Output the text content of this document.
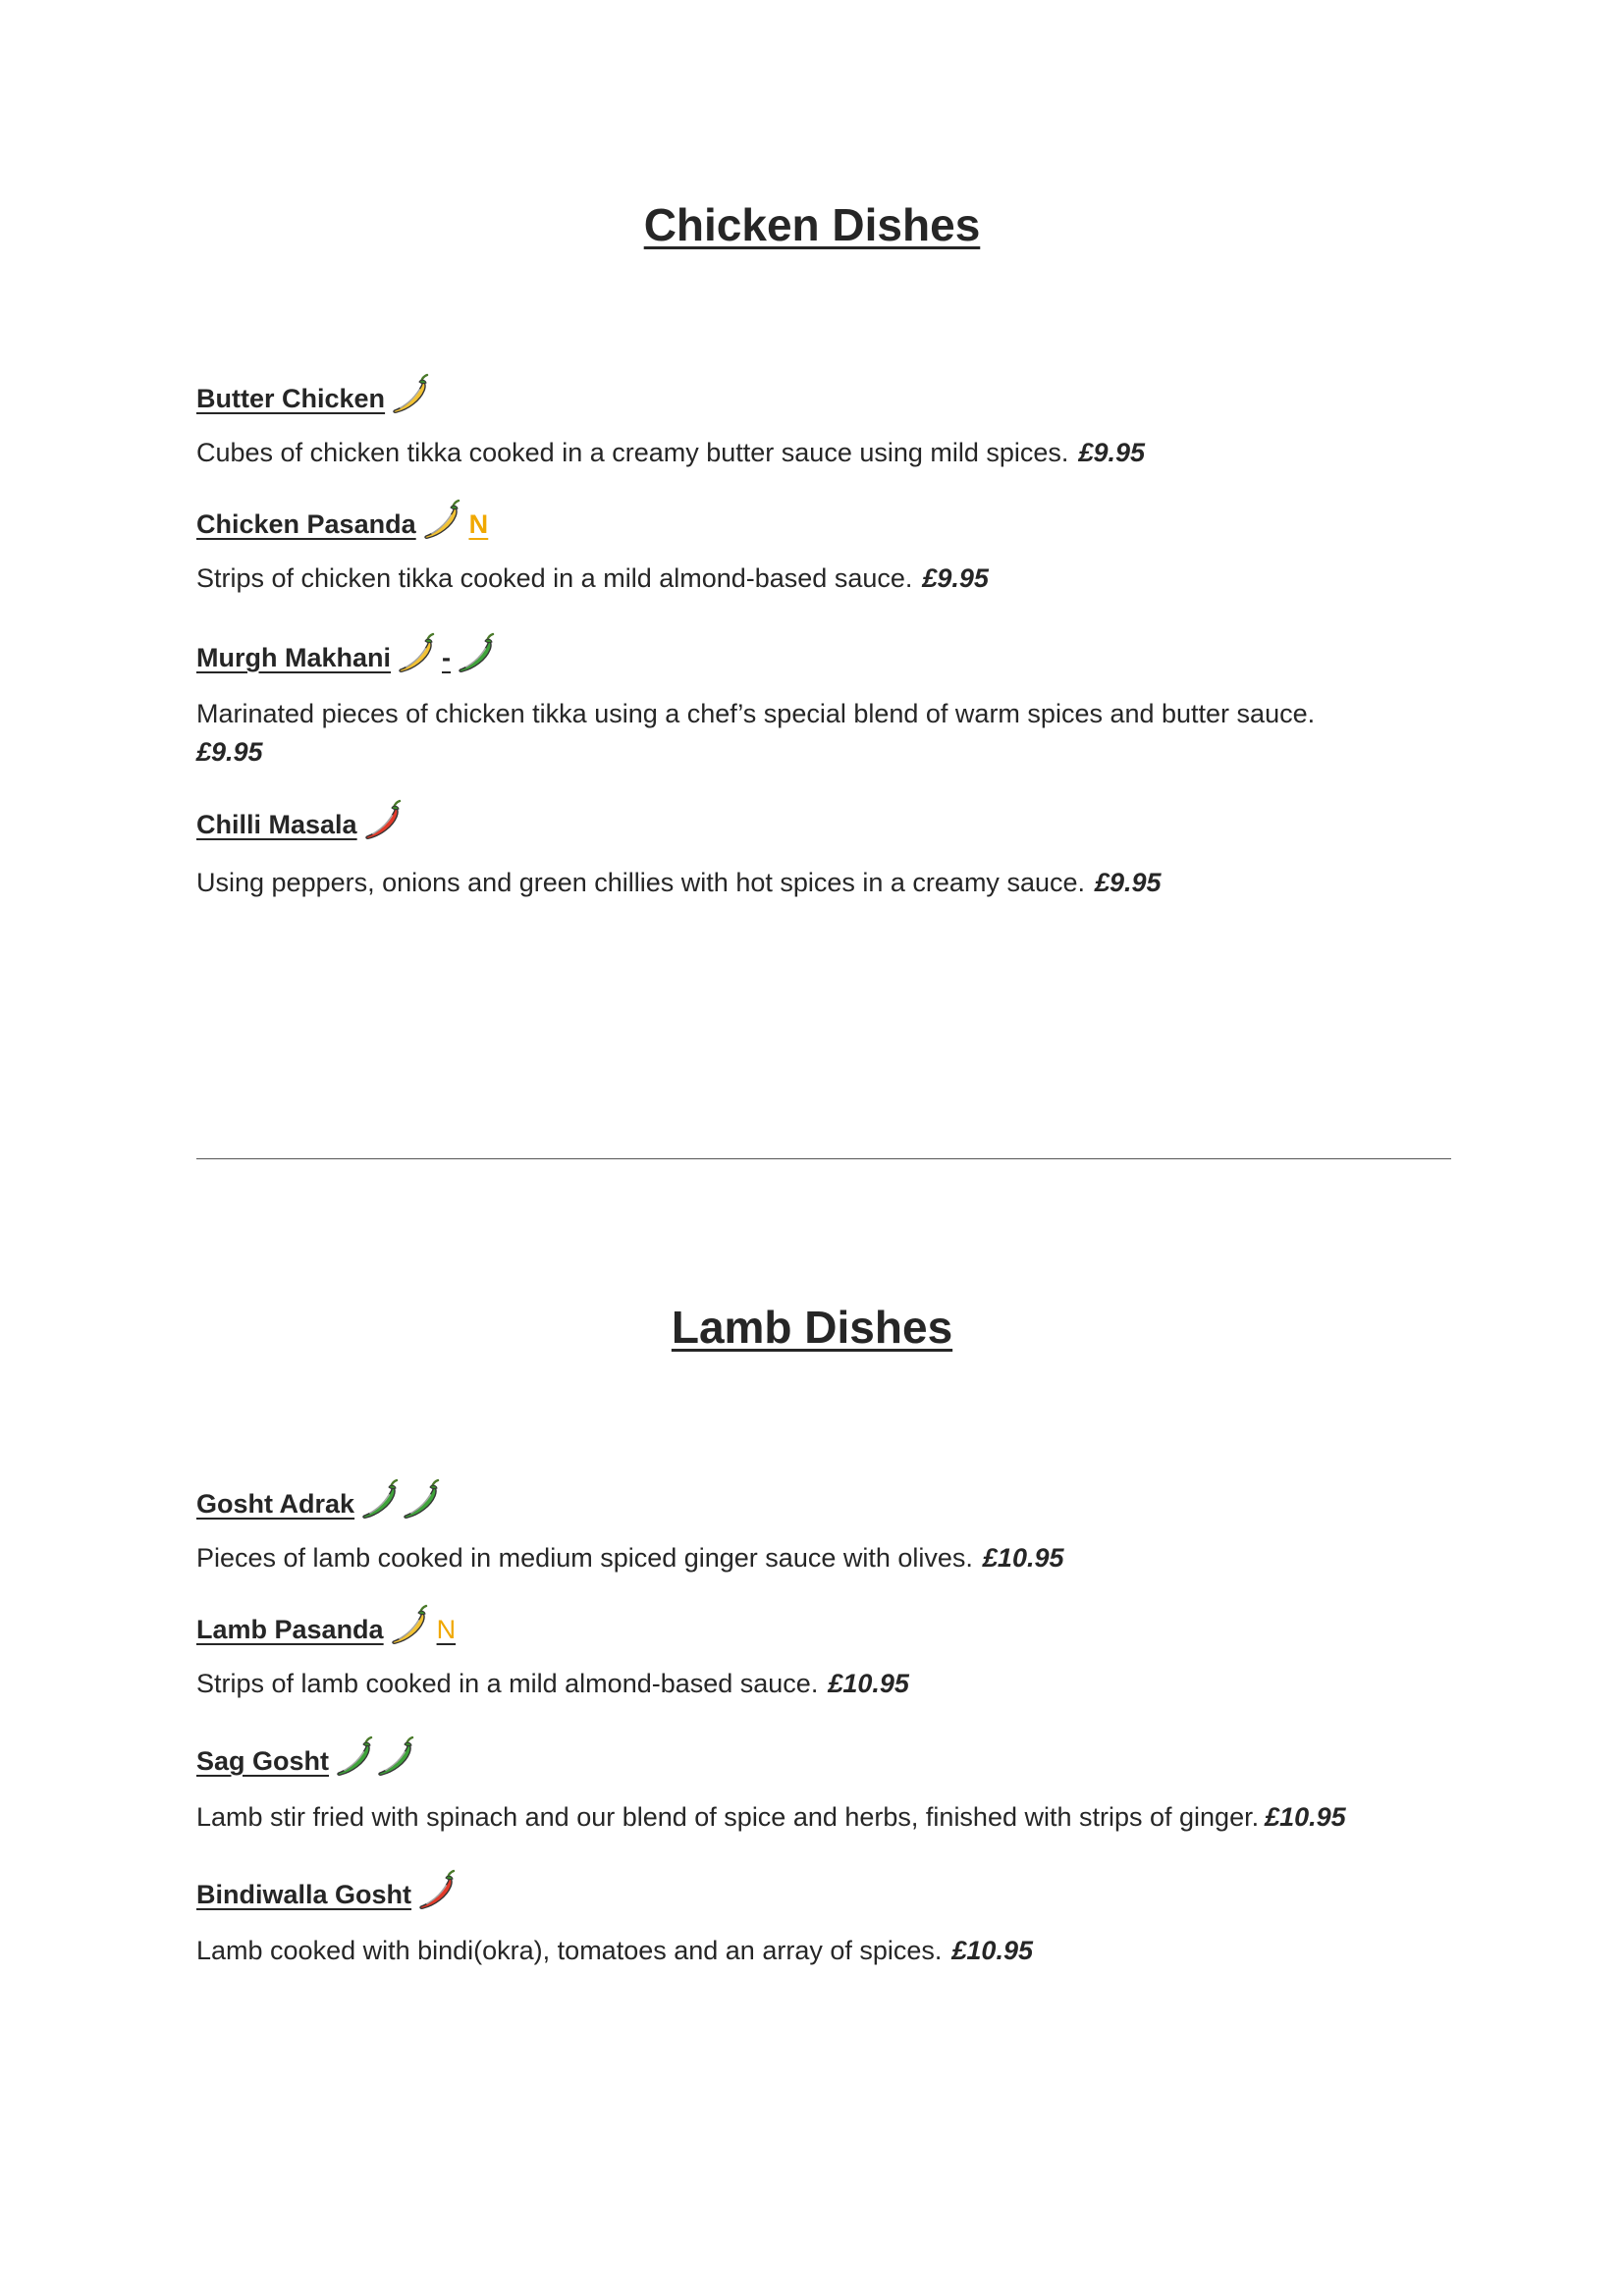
Chicken Dishes
Butter Chicken

Cubes of chicken tikka cooked in a creamy butter sauce using mild spices. £9.95

Chicken Pasanda N

Strips of chicken tikka cooked in a mild almond-based sauce. £9.95

Murgh Makhani -

Marinated pieces of chicken tikka using a chef’s special blend of warm spices and butter sauce.
£9.95

Chilli Masala

Using peppers, onions and green chillies with hot spices in a creamy sauce. £9.95

Lamb Dishes
Gosht Adrak

Pieces of lamb cooked in medium spiced ginger sauce with olives. £10.95

Lamb Pasanda N

Strips of lamb cooked in a mild almond-based sauce. £10.95

Sag Gosht

Lamb stir fried with spinach and our blend of spice and herbs, finished with strips of ginger. £10.95

Bindiwalla Gosht

Lamb cooked with bindi(okra), tomatoes and an array of spices. £10.95
